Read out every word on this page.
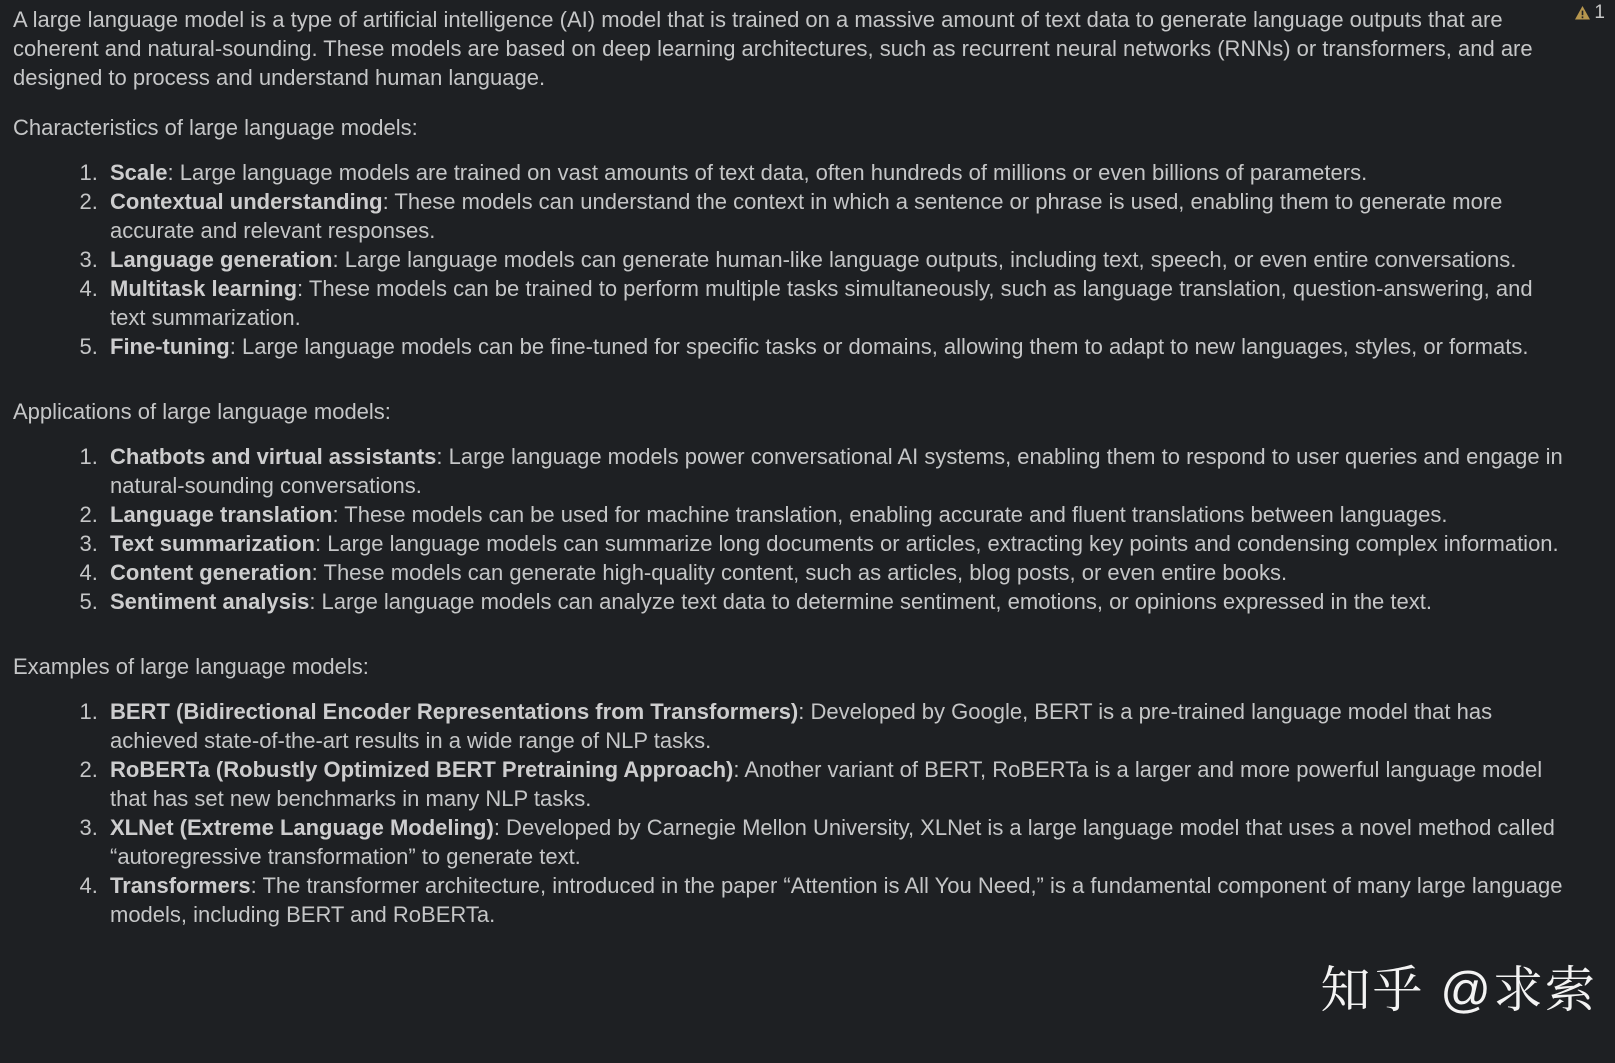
1

A large language model is a type of artificial intelligence (AI) model that is trained on a massive amount of text data to generate language outputs that are coherent and natural-sounding. These models are based on deep learning architectures, such as recurrent neural networks (RNNs) or transformers, and are designed to process and understand human language.

Characteristics of large language models:

1. Scale: Large language models are trained on vast amounts of text data, often hundreds of millions or even billions of parameters.
2. Contextual understanding: These models can understand the context in which a sentence or phrase is used, enabling them to generate more accurate and relevant responses.
3. Language generation: Large language models can generate human-like language outputs, including text, speech, or even entire conversations.
4. Multitask learning: These models can be trained to perform multiple tasks simultaneously, such as language translation, question-answering, and text summarization.
5. Fine-tuning: Large language models can be fine-tuned for specific tasks or domains, allowing them to adapt to new languages, styles, or formats.

Applications of large language models:

1. Chatbots and virtual assistants: Large language models power conversational AI systems, enabling them to respond to user queries and engage in natural-sounding conversations.
2. Language translation: These models can be used for machine translation, enabling accurate and fluent translations between languages.
3. Text summarization: Large language models can summarize long documents or articles, extracting key points and condensing complex information.
4. Content generation: These models can generate high-quality content, such as articles, blog posts, or even entire books.
5. Sentiment analysis: Large language models can analyze text data to determine sentiment, emotions, or opinions expressed in the text.

Examples of large language models:

1. BERT (Bidirectional Encoder Representations from Transformers): Developed by Google, BERT is a pre-trained language model that has achieved state-of-the-art results in a wide range of NLP tasks.
2. RoBERTa (Robustly Optimized BERT Pretraining Approach): Another variant of BERT, RoBERTa is a larger and more powerful language model that has set new benchmarks in many NLP tasks.
3. XLNet (Extreme Language Modeling): Developed by Carnegie Mellon University, XLNet is a large language model that uses a novel method called “autoregressive transformation” to generate text.
4. Transformers: The transformer architecture, introduced in the paper “Attention is All You Need,” is a fundamental component of many large language models, including BERT and RoBERTa.
知乎 @求索
